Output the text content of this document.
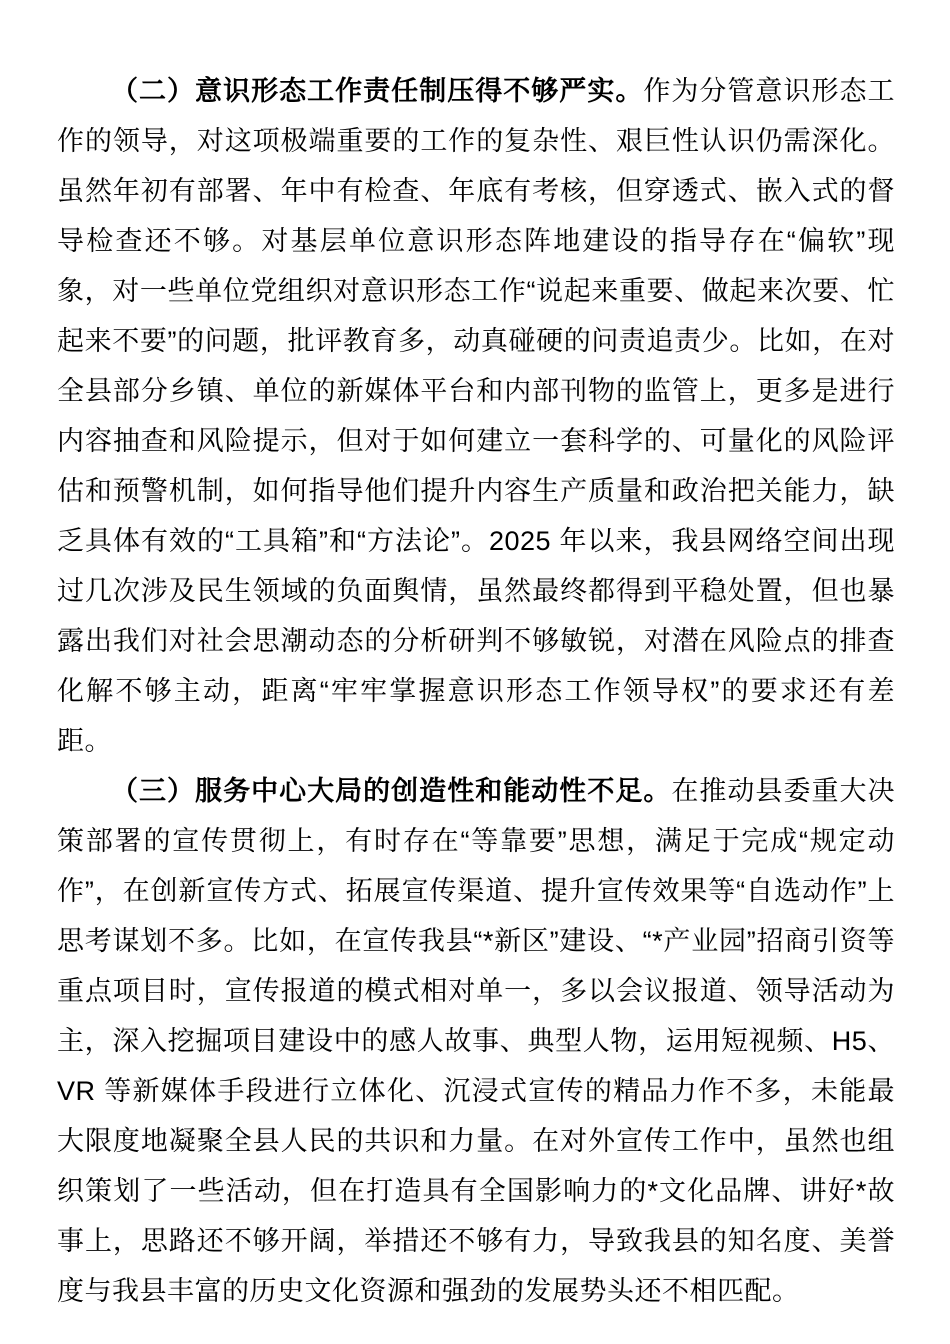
（二）意识形态工作责任制压得不够严实。作为分管意识形态工作的领导，对这项极端重要的工作的复杂性、艰巨性认识仍需深化。虽然年初有部署、年中有检查、年底有考核，但穿透式、嵌入式的督导检查还不够。对基层单位意识形态阵地建设的指导存在“偏软”现象，对一些单位党组织对意识形态工作“说起来重要、做起来次要、忙起来不要”的问题，批评教育多，动真碰硬的问责追责少。比如，在对全县部分乡镇、单位的新媒体平台和内部刊物的监管上，更多是进行内容抽查和风险提示，但对于如何建立一套科学的、可量化的风险评估和预警机制，如何指导他们提升内容生产质量和政治把关能力，缺乏具体有效的“工具箱”和“方法论”。2025 年以来，我县网络空间出现过几次涉及民生领域的负面舆情，虽然最终都得到平稳处置，但也暴露出我们对社会思潮动态的分析研判不够敏锐，对潜在风险点的排查化解不够主动，距离“牢牢掌握意识形态工作领导权”的要求还有差距。

（三）服务中心大局的创造性和能动性不足。在推动县委重大决策部署的宣传贯彻上，有时存在“等靠要”思想，满足于完成“规定动作”，在创新宣传方式、拓展宣传渠道、提升宣传效果等“自选动作”上思考谋划不多。比如，在宣传我县“*新区”建设、“*产业园”招商引资等重点项目时，宣传报道的模式相对单一，多以会议报道、领导活动为主，深入挖掘项目建设中的感人故事、典型人物，运用短视频、H5、VR 等新媒体手段进行立体化、沉浸式宣传的精品力作不多，未能最大限度地凝聚全县人民的共识和力量。在对外宣传工作中，虽然也组织策划了一些活动，但在打造具有全国影响力的*文化品牌、讲好*故事上，思路还不够开阔，举措还不够有力，导致我县的知名度、美誉度与我县丰富的历史文化资源和强劲的发展势头还不相匹配。
